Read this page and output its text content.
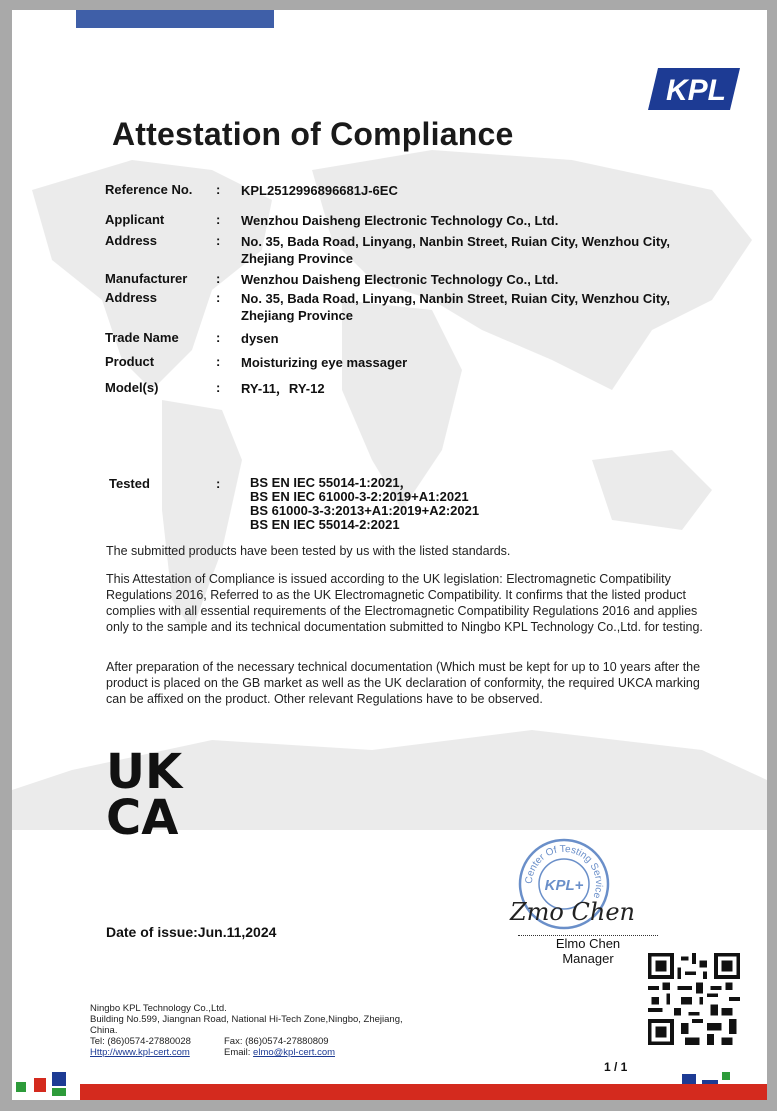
KPL
Attestation of Compliance
Reference No.	: KPL2512996896681J-6EC
Applicant	: Wenzhou Daisheng Electronic Technology Co., Ltd.
Address	: No. 35, Bada Road, Linyang, Nanbin Street, Ruian City, Wenzhou City, Zhejiang Province
Manufacturer	: Wenzhou Daisheng Electronic Technology Co., Ltd.
Address	: No. 35, Bada Road, Linyang, Nanbin Street, Ruian City, Wenzhou City, Zhejiang Province
Trade Name	: dysen
Product	: Moisturizing eye massager
Model(s)	: RY-11，RY-12
Tested	: BS EN IEC 55014-1:2021，
BS EN IEC 61000-3-2:2019+A1:2021
BS 61000-3-3:2013+A1:2019+A2:2021
BS EN IEC 55014-2:2021
The submitted products have been tested by us with the listed standards.
This Attestation of Compliance is issued according to the UK legislation: Electromagnetic Compatibility Regulations 2016, Referred to as the UK Electromagnetic Compatibility. It confirms that the listed product complies with all essential requirements of the Electromagnetic Compatibility Regulations 2016 and applies only to the sample and its technical documentation submitted to Ningbo KPL Technology Co.,Ltd. for testing.
After preparation of the necessary technical documentation (Which must be kept for up to 10 years after the product is placed on the GB market as well as the UK declaration of conformity, the required UKCA marking can be affixed on the product. Other relevant Regulations have to be observed.
UK
CA
Center Of Testing Service
KPL+
Zmo Chen
Elmo Chen
Manager
Date of issue:Jun.11,2024
Ningbo KPL Technology Co.,Ltd.
Building No.599, Jiangnan Road, National Hi-Tech Zone,Ningbo, Zhejiang,
China.
Tel: (86)0574-27880028	Fax: (86)0574-27880809
Http://www.kpl-cert.com	Email: elmo@kpl-cert.com
1 / 1
